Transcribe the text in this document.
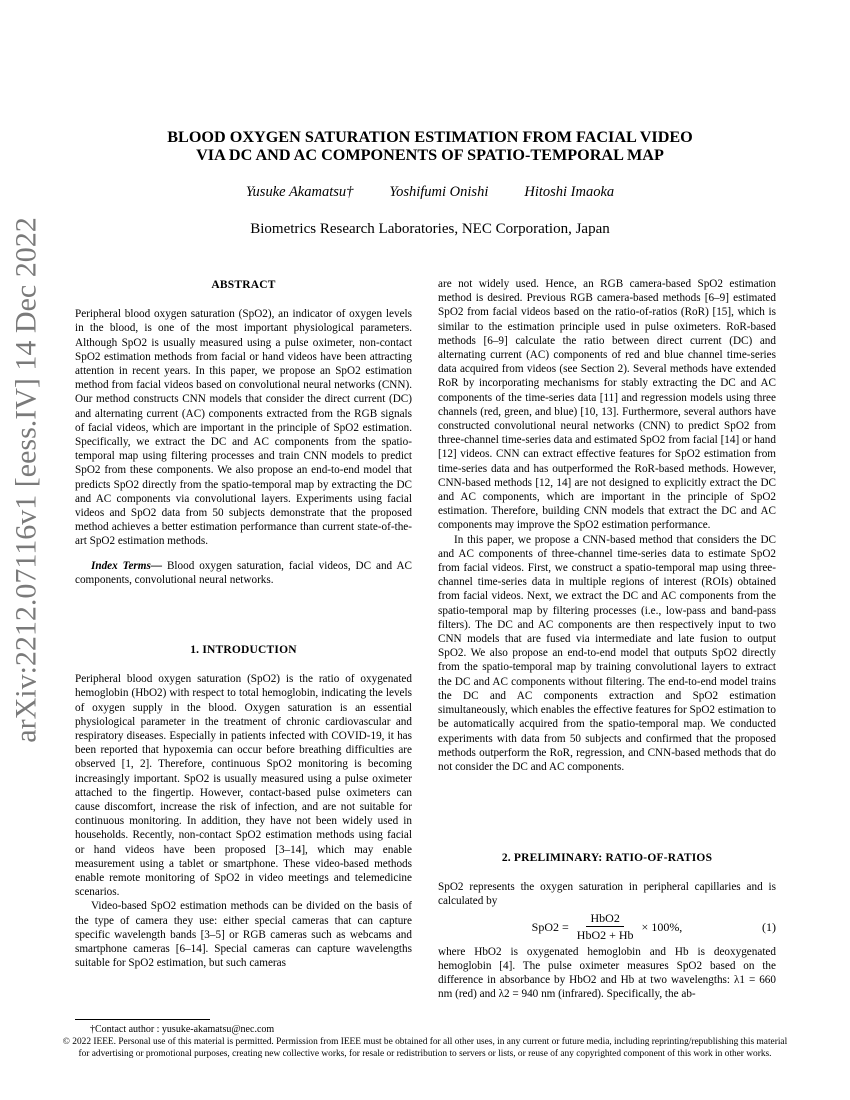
arXiv:2212.07116v1 [eess.IV] 14 Dec 2022
BLOOD OXYGEN SATURATION ESTIMATION FROM FACIAL VIDEO
VIA DC AND AC COMPONENTS OF SPATIO-TEMPORAL MAP
Yusuke Akamatsu† Yoshifumi Onishi Hitoshi Imaoka
Biometrics Research Laboratories, NEC Corporation, Japan
ABSTRACT

Peripheral blood oxygen saturation (SpO2), an indicator of oxygen levels in the blood, is one of the most important physiological parameters. Although SpO2 is usually measured using a pulse oximeter, non-contact SpO2 estimation methods from facial or hand videos have been attracting attention in recent years. In this paper, we propose an SpO2 estimation method from facial videos based on convolutional neural networks (CNN). Our method constructs CNN models that consider the direct current (DC) and alternating current (AC) components extracted from the RGB signals of facial videos, which are important in the principle of SpO2 estimation. Specifically, we extract the DC and AC components from the spatio-temporal map using filtering processes and train CNN models to predict SpO2 from these components. We also propose an end-to-end model that predicts SpO2 directly from the spatio-temporal map by extracting the DC and AC components via convolutional layers. Experiments using facial videos and SpO2 data from 50 subjects demonstrate that the proposed method achieves a better estimation performance than current state-of-the-art SpO2 estimation methods.

Index Terms— Blood oxygen saturation, facial videos, DC and AC components, convolutional neural networks.

1. INTRODUCTION

Peripheral blood oxygen saturation (SpO2) is the ratio of oxygenated hemoglobin (HbO2) with respect to total hemoglobin, indicating the levels of oxygen supply in the blood. Oxygen saturation is an essential physiological parameter in the treatment of chronic cardiovascular and respiratory diseases. Especially in patients infected with COVID-19, it has been reported that hypoxemia can occur before breathing difficulties are observed [1, 2]. Therefore, continuous SpO2 monitoring is becoming increasingly important. SpO2 is usually measured using a pulse oximeter attached to the fingertip. However, contact-based pulse oximeters can cause discomfort, increase the risk of infection, and are not suitable for continuous monitoring. In addition, they have not been widely used in households. Recently, non-contact SpO2 estimation methods using facial or hand videos have been proposed [3–14], which may enable measurement using a tablet or smartphone. These video-based methods enable remote monitoring of SpO2 in video meetings and telemedicine scenarios.

Video-based SpO2 estimation methods can be divided on the basis of the type of camera they use: either special cameras that can capture specific wavelength bands [3–5] or RGB cameras such as webcams and smartphone cameras [6–14]. Special cameras can capture wavelengths suitable for SpO2 estimation, but such cameras

are not widely used. Hence, an RGB camera-based SpO2 estimation method is desired. Previous RGB camera-based methods [6–9] estimated SpO2 from facial videos based on the ratio-of-ratios (RoR) [15], which is similar to the estimation principle used in pulse oximeters. RoR-based methods [6–9] calculate the ratio between direct current (DC) and alternating current (AC) components of red and blue channel time-series data acquired from videos (see Section 2). Several methods have extended RoR by incorporating mechanisms for stably extracting the DC and AC components of the time-series data [11] and regression models using three channels (red, green, and blue) [10, 13]. Furthermore, several authors have constructed convolutional neural networks (CNN) to predict SpO2 from three-channel time-series data and estimated SpO2 from facial [14] or hand [12] videos. CNN can extract effective features for SpO2 estimation from time-series data and has outperformed the RoR-based methods. However, CNN-based methods [12, 14] are not designed to explicitly extract the DC and AC components, which are important in the principle of SpO2 estimation. Therefore, building CNN models that extract the DC and AC components may improve the SpO2 estimation performance.

In this paper, we propose a CNN-based method that considers the DC and AC components of three-channel time-series data to estimate SpO2 from facial videos. First, we construct a spatio-temporal map using three-channel time-series data in multiple regions of interest (ROIs) obtained from facial videos. Next, we extract the DC and AC components from the spatio-temporal map by filtering processes (i.e., low-pass and band-pass filters). The DC and AC components are then respectively input to two CNN models that are fused via intermediate and late fusion to output SpO2. We also propose an end-to-end model that outputs SpO2 directly from the spatio-temporal map by training convolutional layers to extract the DC and AC components without filtering. The end-to-end model trains the DC and AC components extraction and SpO2 estimation simultaneously, which enables the effective features for SpO2 estimation to be automatically acquired from the spatio-temporal map. We conducted experiments with data from 50 subjects and confirmed that the proposed methods outperform the RoR, regression, and CNN-based methods that do not consider the DC and AC components.

2. PRELIMINARY: RATIO-OF-RATIOS

SpO2 represents the oxygen saturation in peripheral capillaries and is calculated by

$SpO2 = \frac{\text{HbO2}}{\text{HbO2 + Hb}} \times 100\%$,	(1)

where HbO2 is oxygenated hemoglobin and Hb is deoxygenated hemoglobin [4]. The pulse oximeter measures SpO2 based on the difference in absorbance by HbO2 and Hb at two wavelengths: λ1 = 660 nm (red) and λ2 = 940 nm (infrared). Specifically, the ab-

†Contact author : yusuke-akamatsu@nec.com
© 2022 IEEE. Personal use of this material is permitted. Permission from IEEE must be obtained for all other uses, in any current or future media, including reprinting/republishing this material for advertising or promotional purposes, creating new collective works, for resale or redistribution to servers or lists, or reuse of any copyrighted component of this work in other works.
